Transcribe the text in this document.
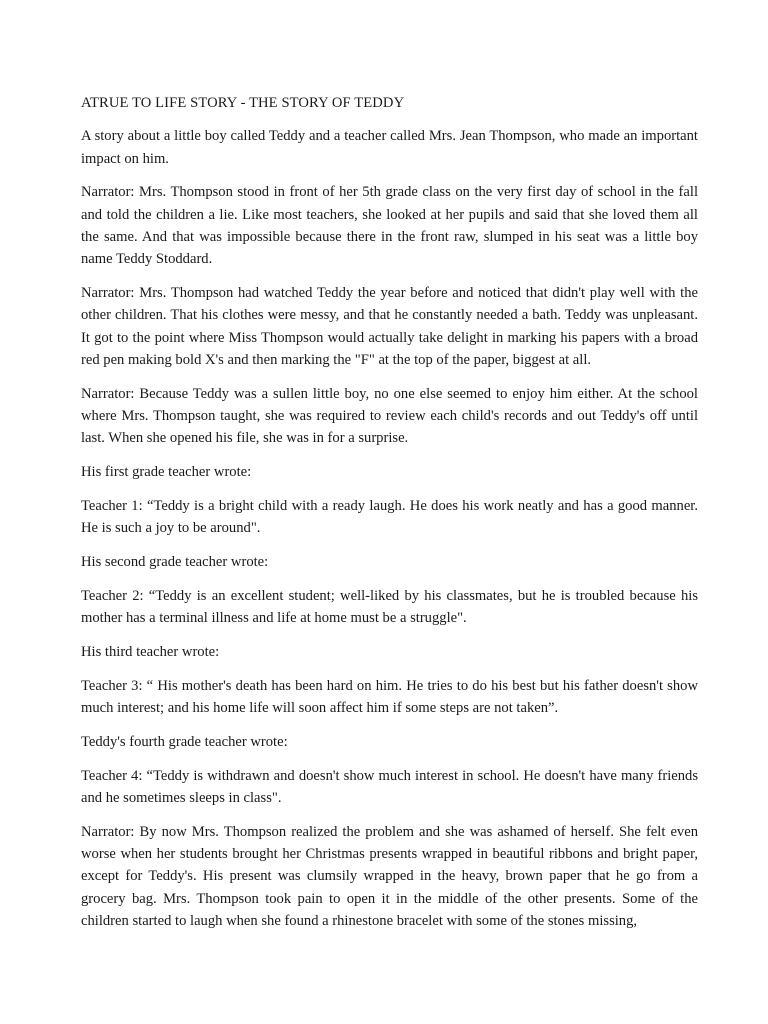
ATRUE TO LIFE STORY - THE STORY OF TEDDY

A story about a little boy called Teddy and a teacher called Mrs. Jean Thompson, who made an important impact on him.

Narrator: Mrs. Thompson stood in front of her 5th grade class on the very first day of school in the fall and told the children a lie. Like most teachers, she looked at her pupils and said that she loved them all the same. And that was impossible because there in the front raw, slumped in his seat was a little boy name Teddy Stoddard.

Narrator: Mrs. Thompson had watched Teddy the year before and noticed that didn't play well with the other children. That his clothes were messy, and that he constantly needed a bath. Teddy was unpleasant. It got to the point where Miss Thompson would actually take delight in marking his papers with a broad red pen making bold X's and then marking the "F" at the top of the paper, biggest at all.

Narrator: Because Teddy was a sullen little boy, no one else seemed to enjoy him either. At the school where Mrs. Thompson taught, she was required to review each child's records and out Teddy's off until last. When she opened his file, she was in for a surprise.

His first grade teacher wrote:

Teacher 1: “Teddy is a bright child with a ready laugh. He does his work neatly and has a good manner. He is such a joy to be around".

His second grade teacher wrote:

Teacher 2: “Teddy is an excellent student; well-liked by his classmates, but he is troubled because his mother has a terminal illness and life at home must be a struggle".

His third teacher wrote:

Teacher 3: “ His mother's death has been hard on him. He tries to do his best but his father doesn't show much interest; and his home life will soon affect him if some steps are not taken”.

Teddy's fourth grade teacher wrote:

Teacher 4: “Teddy is withdrawn and doesn't show much interest in school. He doesn't have many friends and he sometimes sleeps in class".

Narrator: By now Mrs. Thompson realized the problem and she was ashamed of herself. She felt even worse when her students brought her Christmas presents wrapped in beautiful ribbons and bright paper, except for Teddy's. His present was clumsily wrapped in the heavy, brown paper that he go from a grocery bag. Mrs. Thompson took pain to open it in the middle of the other presents. Some of the children started to laugh when she found a rhinestone bracelet with some of the stones missing,
